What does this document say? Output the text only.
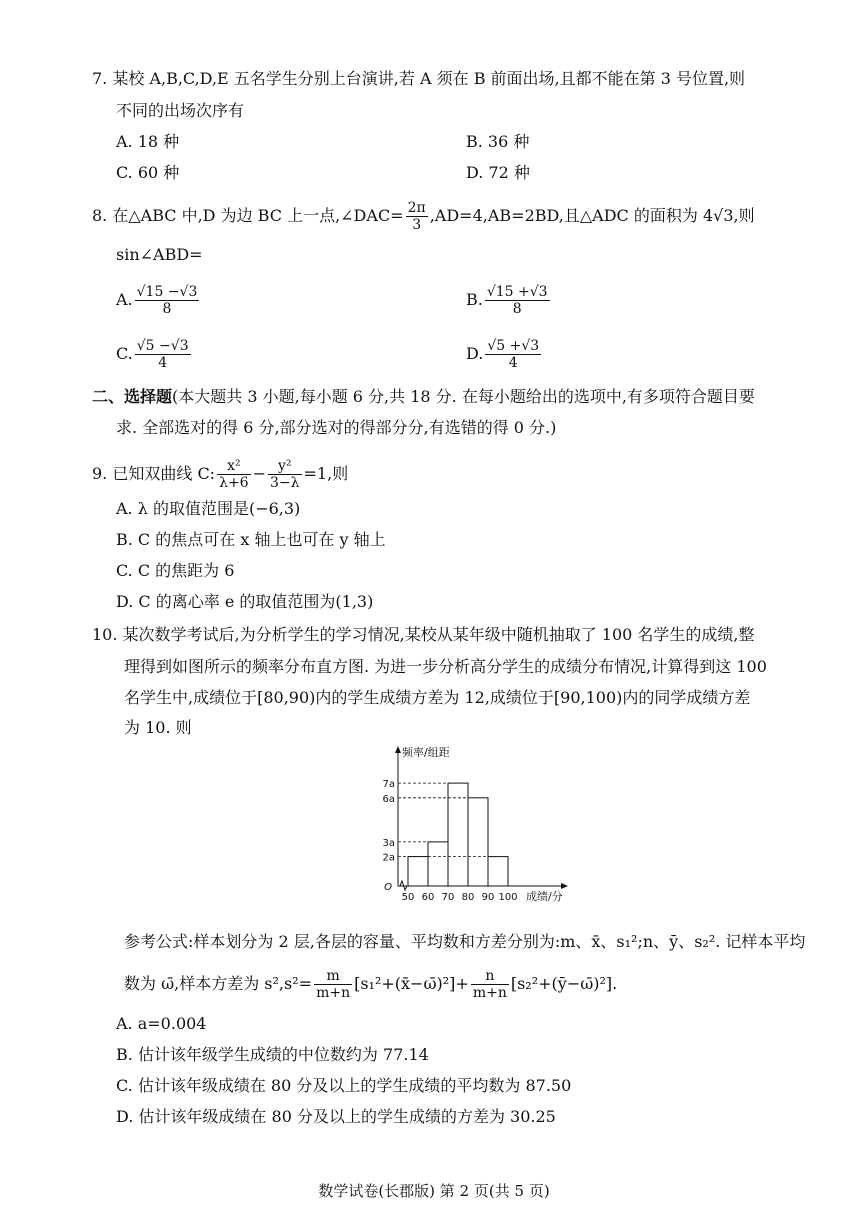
7. 某校 A,B,C,D,E 五名学生分别上台演讲,若 A 须在 B 前面出场,且都不能在第 3 号位置,则
不同的出场次序有
A. 18 种	B. 36 种
C. 60 种	D. 72 种
8. 在△ABC 中,D 为边 BC 上一点,∠DAC= $\frac{2\pi}{3} ,AD=4,AB=2BD$,且△ADC 的面积为 4√3,则
sin∠ABD=
A. $\frac{√15 -√3}{8}$	B. $\frac{√15 +√3}{8}$
C. $\frac{√5 -√3}{4}$	D. $\frac{√5 +√3}{4}$
二、选择题(本大题共 3 小题,每小题 6 分,共 18 分. 在每小题给出的选项中,有多项符合题目要
求. 全部选对的得 6 分,部分选对的得部分分,有选错的得 0 分.)
9. 已知双曲线 C: $\frac{\text{x²}}{\lambda+6} - \frac{\text{y²}}{3-\lambda} =1$,则
A. λ 的取值范围是(−6,3)
B. C 的焦点可在 x 轴上也可在 y 轴上
C. C 的焦距为 6
D. C 的离心率 e 的取值范围为(1,3)
10. 某次数学考试后,为分析学生的学习情况,某校从某年级中随机抽取了 100 名学生的成绩,整
理得到如图所示的频率分布直方图. 为进一步分析高分学生的成绩分布情况,计算得到这 100
名学生中,成绩位于[80,90)内的学生成绩方差为 12,成绩位于[90,100)内的同学成绩方差
为 10. 则
2a
3a
6a
7a
50 60 70 80 90 100
O
频率/组距
成绩/分
参考公式:样本划分为 2 层,各层的容量、平均数和方差分别为:m、x̄、s₁²;n、ȳ、s₂². 记样本平均
数为 ω̄,样本方差为 $s^2,s^2= \frac{m}{m+n}$ [s₁²+(x̄−ω̄)²]+ $\frac{n}{m+n}$ [s₂²+(ȳ−ω̄)²].
A. a=0.004
B. 估计该年级学生成绩的中位数约为 77.14
C. 估计该年级成绩在 80 分及以上的学生成绩的平均数为 87.50
D. 估计该年级成绩在 80 分及以上的学生成绩的方差为 30.25
数学试卷(长郡版) 第 2 页(共 5 页)
